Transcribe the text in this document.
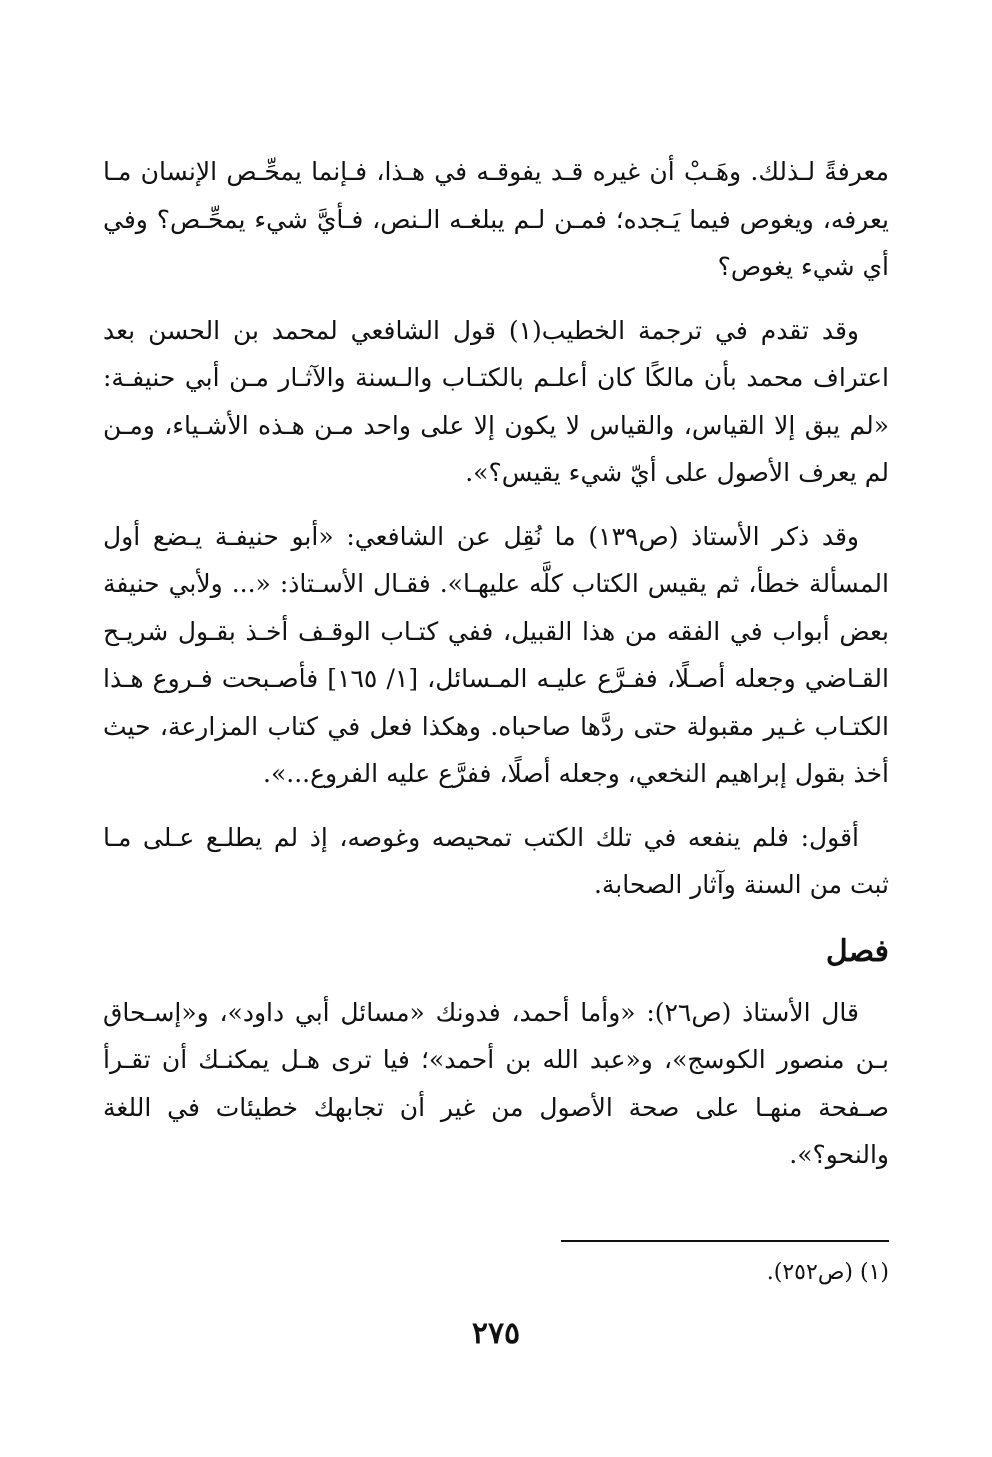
معرفةً لـذلك. وهَـبْ أن غيره قـد يفوقـه في هـذا، فـإنما يمحِّـص الإنسان مـا يعرفه، ويغوص فيما يَـجده؛ فمـن لـم يبلغـه الـنص، فـأيَّ شيء يمحِّـص؟ وفي أي شيء يغوص؟

وقد تقدم في ترجمة الخطيب(١) قول الشافعي لمحمد بن الحسن بعد اعتراف محمد بأن مالكًا كان أعلـم بالكتـاب والـسنة والآثـار مـن أبي حنيفـة: «لم يبق إلا القياس، والقياس لا يكون إلا على واحد مـن هـذه الأشـياء، ومـن لم يعرف الأصول على أيّ شيء يقيس؟».

وقد ذكر الأستاذ (ص١٣٩) ما نُقِل عن الشافعي: «أبو حنيفـة يـضع أول المسألة خطأ، ثم يقيس الكتاب كلَّه عليهـا». فقـال الأسـتاذ: «... ولأبي حنيفة بعض أبواب في الفقه من هذا القبيل، ففي كتـاب الوقـف أخـذ بقـول شريـح القـاضي وجعله أصـلًا، ففـرَّع عليـه المـسائل، [١/ ١٦٥] فأصـبحت فـروع هـذا الكتـاب غـير مقبولة حتى ردَّها صاحباه. وهكذا فعل في كتاب المزارعة، حيث أخذ بقول إبراهيم النخعي، وجعله أصلًا، ففرَّع عليه الفروع...».

أقول: فلم ينفعه في تلك الكتب تمحيصه وغوصه، إذ لم يطلـع عـلى مـا ثبت من السنة وآثار الصحابة.

فصل

قال الأستاذ (ص٢٦): «وأما أحمد، فدونك «مسائل أبي داود»، و«إسـحاق بـن منصور الكوسج»، و«عبد الله بن أحمد»؛ فيا ترى هـل يمكنـك أن تقـرأ صـفحة منهـا على صحة الأصول من غير أن تجابهك خطيئات في اللغة والنحو؟».

(١) (ص٢٥٢).
٢٧٥
